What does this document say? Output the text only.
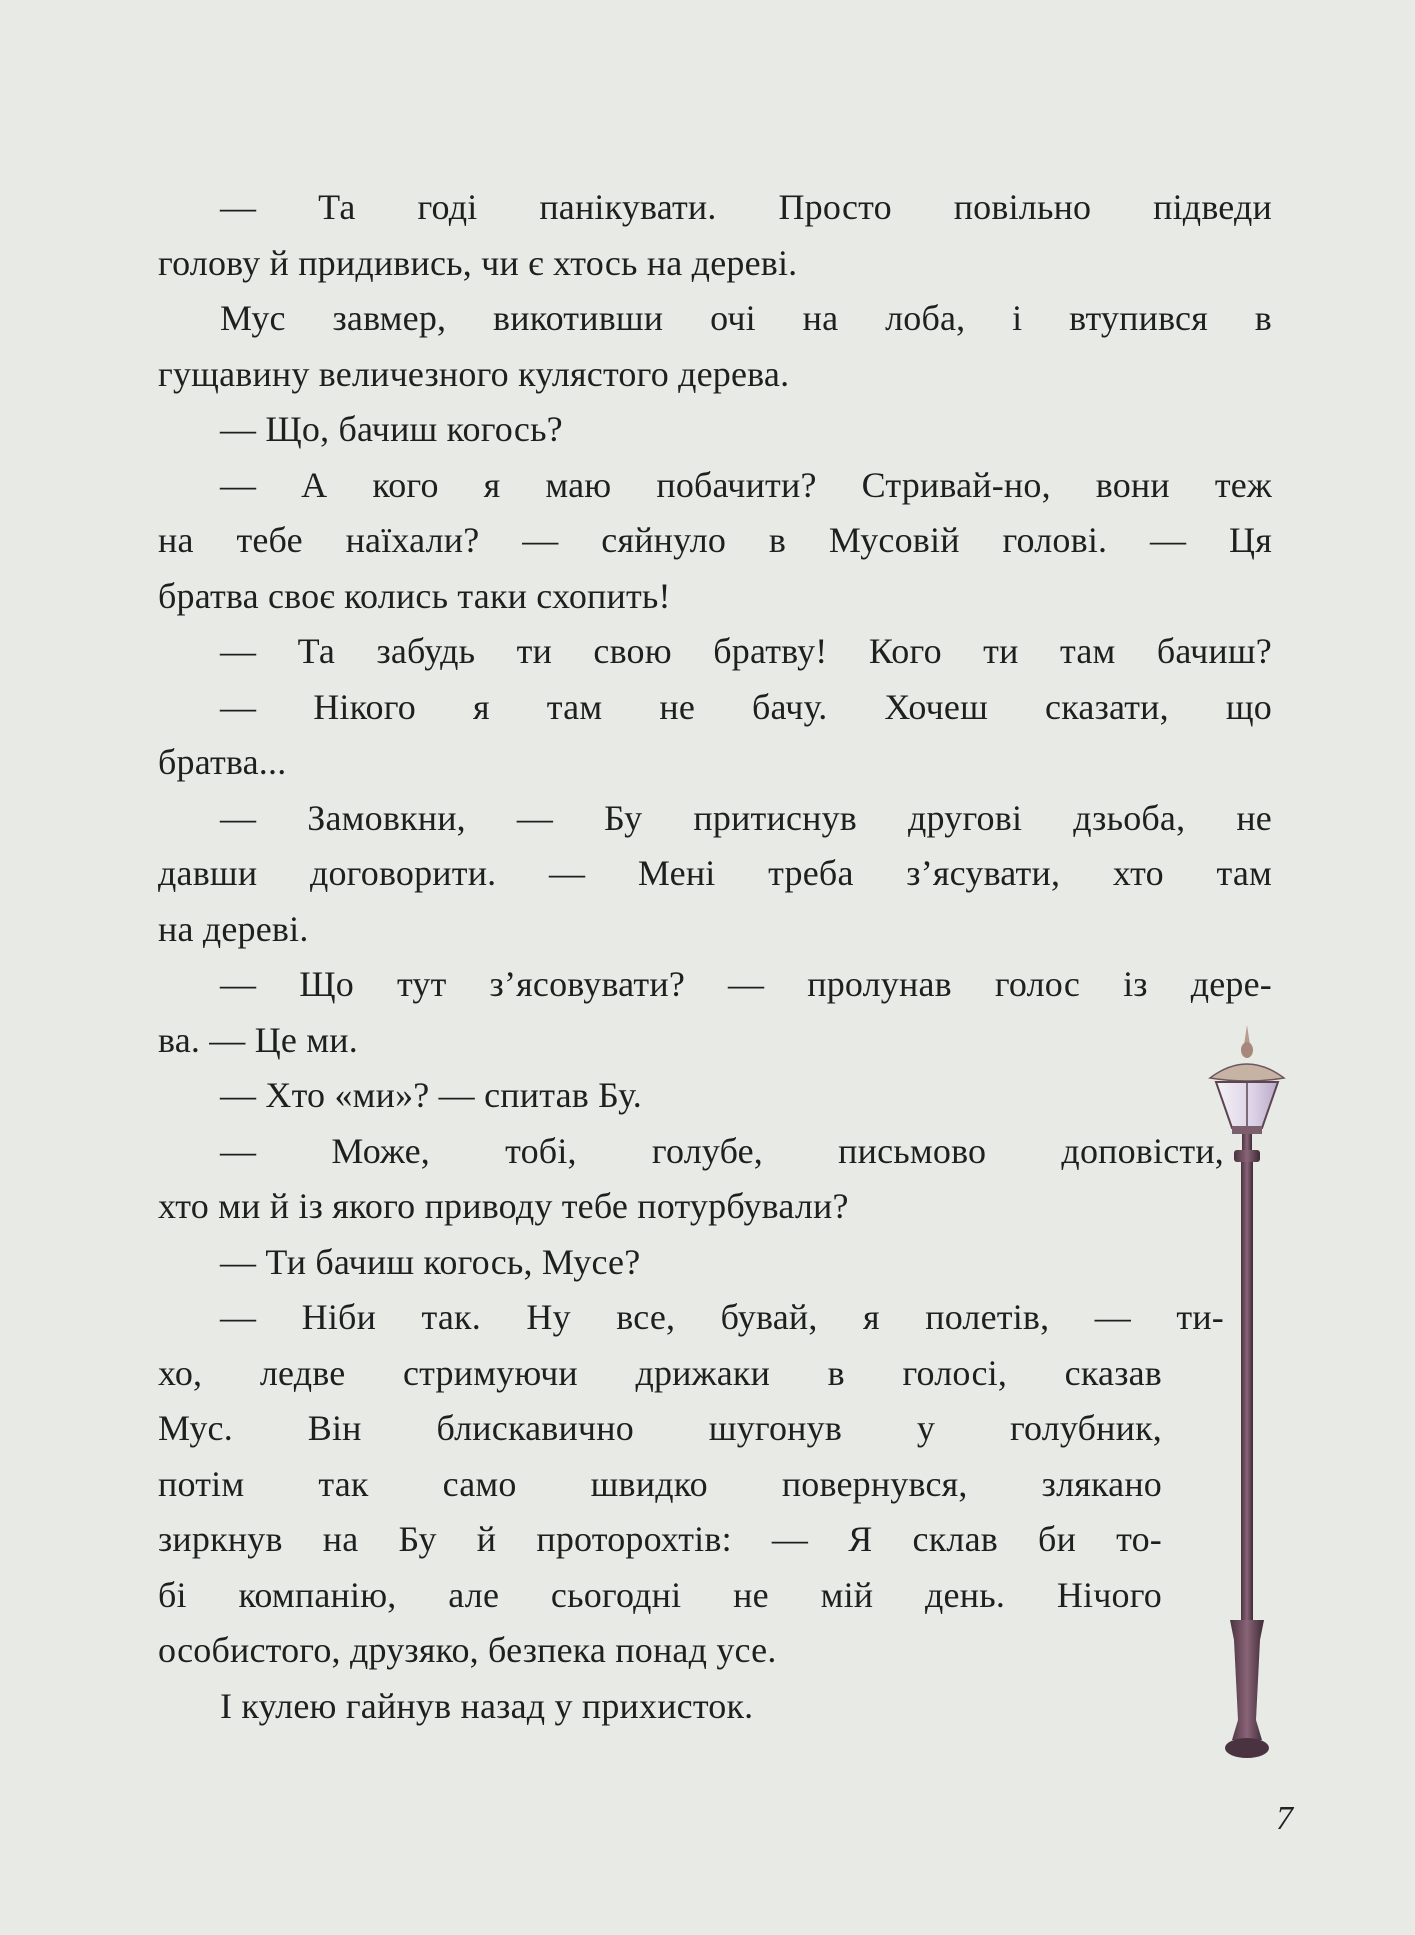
— Та годі панікувати. Просто повільно підведи
голову й придивись, чи є хтось на дереві.
Мус завмер, викотивши очі на лоба, і втупився в
гущавину величезного кулястого дерева.
— Що, бачиш когось?
— А кого я маю побачити? Стривай-но, вони теж
на тебе наїхали? — сяйнуло в Мусовій голові. — Ця
братва своє колись таки схопить!
— Та забудь ти свою братву! Кого ти там бачиш?
— Нікого я там не бачу. Хочеш сказати, що
братва...
— Замовкни, — Бу притиснув другові дзьоба, не
давши договорити. — Мені треба з’ясувати, хто там
на дереві.
— Що тут з’ясовувати? — пролунав голос із дере-
ва. — Це ми.
— Хто «ми»? — спитав Бу.
— Може, тобі, голубе, письмово доповісти,
хто ми й із якого приводу тебе потурбували?
— Ти бачиш когось, Мусе?
— Ніби так. Ну все, бувай, я полетів, — ти-
хо, ледве стримуючи дрижаки в голосі, сказав
Мус. Він блискавично шугонув у голубник,
потім так само швидко повернувся, злякано
зиркнув на Бу й проторохтів: — Я склав би то-
бі компанію, але сьогодні не мій день. Нічого
особистого, друзяко, безпека понад усе.
І кулею гайнув назад у прихисток.
7
